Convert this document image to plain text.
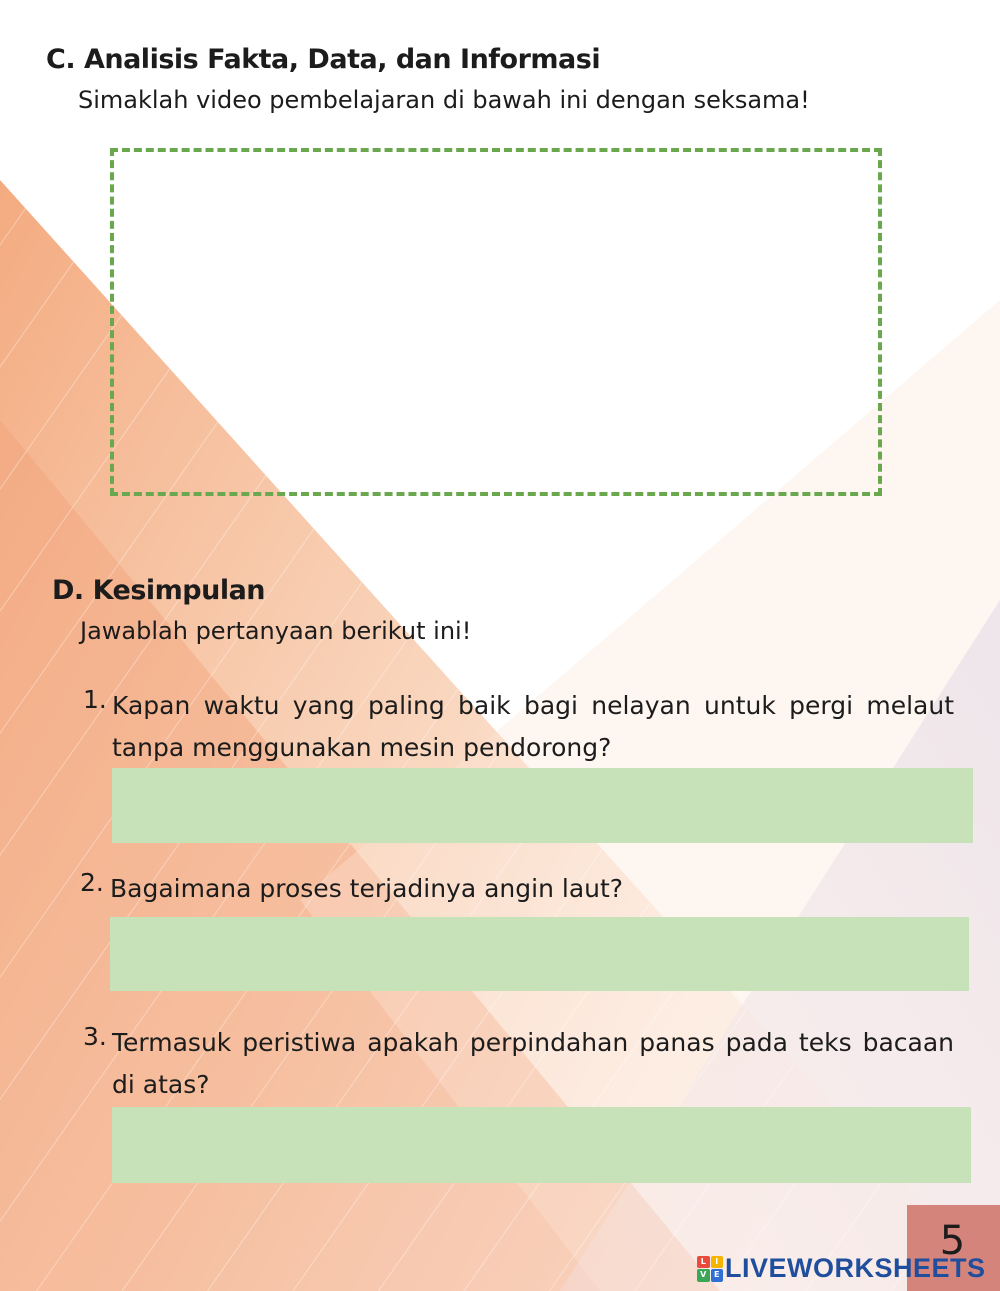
C. Analisis Fakta, Data, dan Informasi
Simaklah video pembelajaran di bawah ini dengan seksama!
D. Kesimpulan
Jawablah pertanyaan berikut ini!
1. Kapan waktu yang paling baik bagi nelayan untuk pergi melaut tanpa menggunakan mesin pendorong?
2. Bagaimana proses terjadinya angin laut?
3. Termasuk peristiwa apakah perpindahan panas pada teks bacaan di atas?
5
L	I
V E LIVEWORKSHEETS
